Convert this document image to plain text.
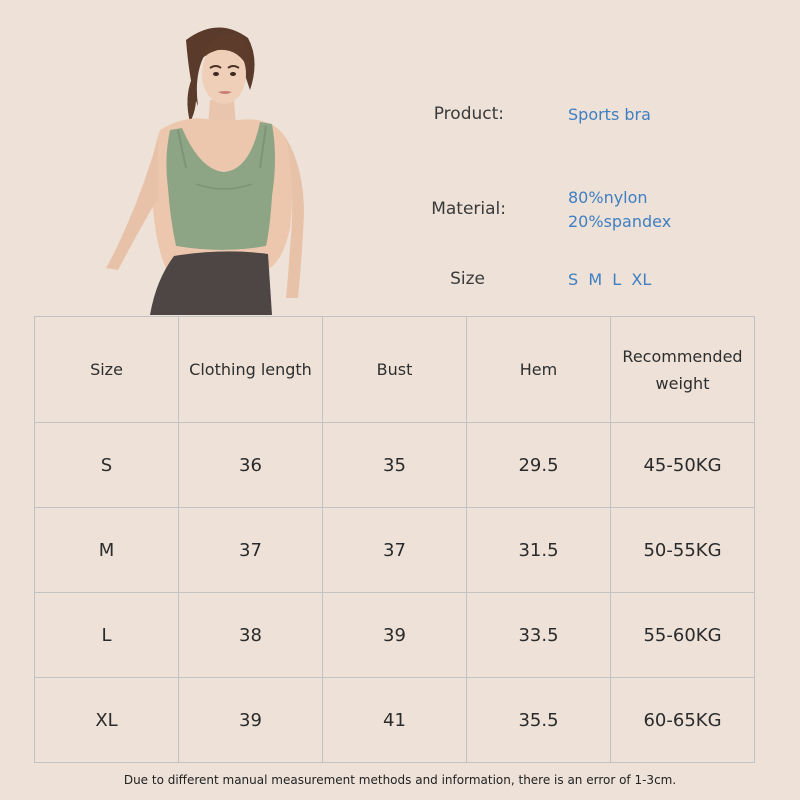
Product:	Sports bra
Material:
80%nylon
20%spandex
Size	S  M  L  XL
Size	Clothing length	Bust	Hem	Recommended weight
S	36	35	29.5	45-50KG
M	37	37	31.5	50-55KG
L	38	39	33.5	55-60KG
XL	39	41	35.5	60-65KG
Due to different manual measurement methods and information, there is an error of 1-3cm.
